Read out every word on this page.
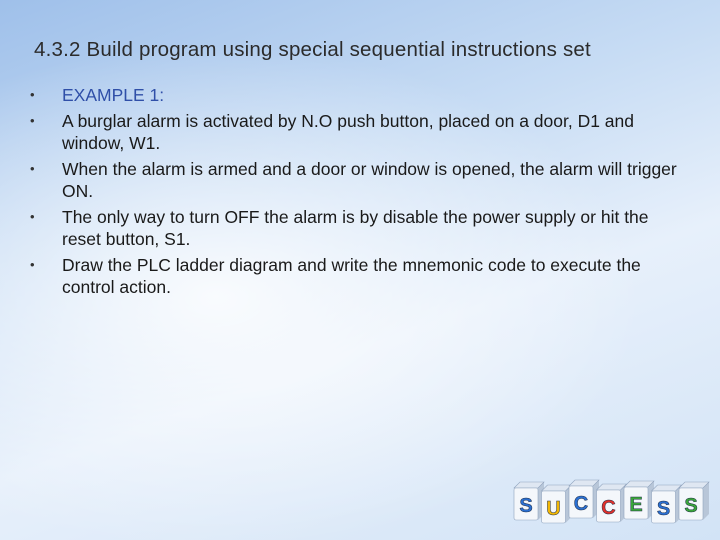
4.3.2 Build program using special sequential instructions set
• EXAMPLE 1:
• A burglar alarm is activated by N.O push button, placed on a door, D1 and window, W1.
• When the alarm is armed and a door or window is opened, the alarm will trigger ON.
• The only way to turn OFF the alarm is by disable the power supply or hit the reset button, S1.
• Draw the PLC ladder diagram and write the mnemonic code to execute the control action.
S U C C E S S
